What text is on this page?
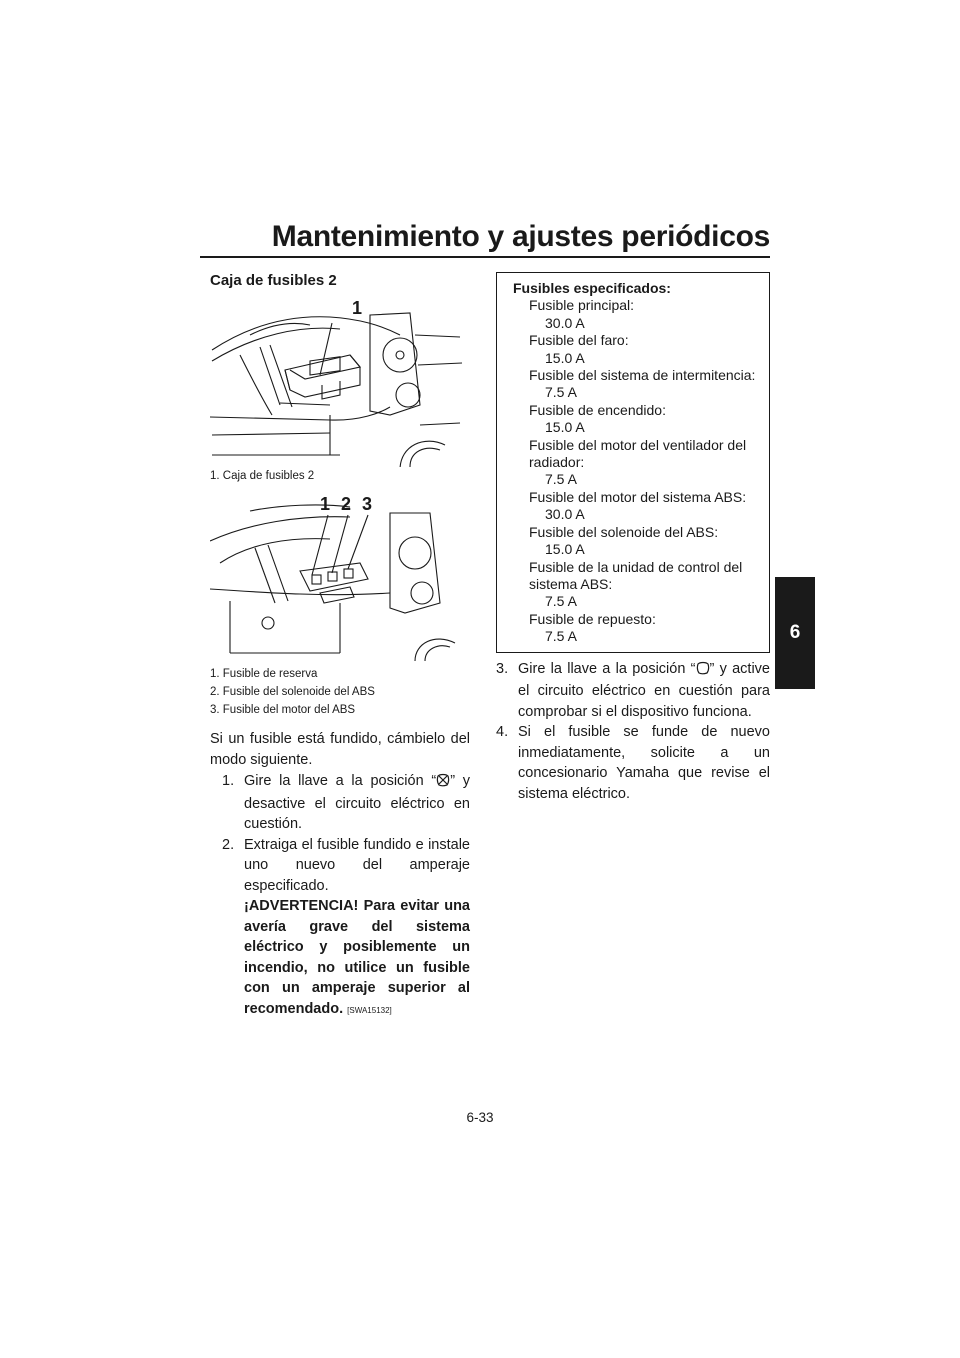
Mantenimiento y ajustes periódicos
6

Caja de fusibles 2

1

1. Caja de fusibles 2

1 2 3

1. Fusible de reserva

2. Fusible del solenoide del ABS

3. Fusible del motor del ABS

Si un fusible está fundido, cámbielo del modo siguiente.

1. Gire la llave a la posición “ ” y desactive el circuito eléctrico en cuestión.
2. Extraiga el fusible fundido e instale uno nuevo del amperaje especificado.
¡ADVERTENCIA! Para evitar una avería grave del sistema eléctrico y posiblemente un incendio, no utilice un fusible con un amperaje superior al recomendado. [SWA15132]
Fusibles especificados:
Fusible principal:
30.0 A
Fusible del faro:
15.0 A
Fusible del sistema de intermitencia:
7.5 A
Fusible de encendido:
15.0 A
Fusible del motor del ventilador del radiador:
7.5 A
Fusible del motor del sistema ABS:
30.0 A
Fusible del solenoide del ABS:
15.0 A
Fusible de la unidad de control del sistema ABS:
7.5 A
Fusible de repuesto:
7.5 A
3. Gire la llave a la posición “ ” y active el circuito eléctrico en cuestión para comprobar si el dispositivo funciona.
4. Si el fusible se funde de nuevo inmediatamente, solicite a un concesionario Yamaha que revise el sistema eléctrico.
6-33
